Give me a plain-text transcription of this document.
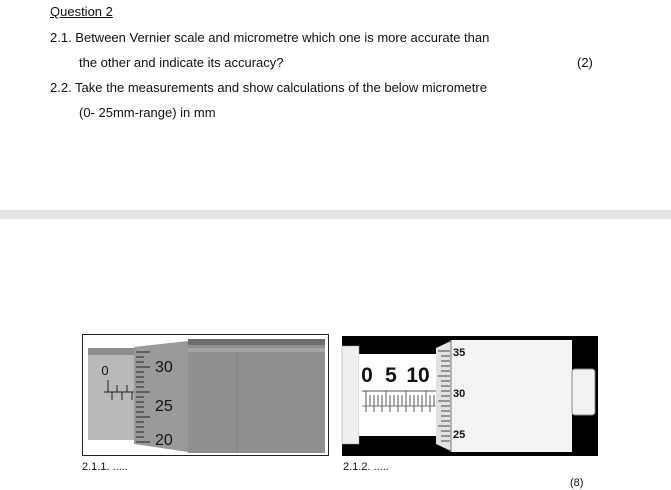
Question 2
2.1. Between Vernier scale and micrometre which one is more accurate than
the other and indicate its accuracy?	(2)
2.2. Take the measurements and show calculations of the below micrometre
(0- 25mm-range) in mm
0	30
25
20
0 5 10
35
30
25
2.1.1. .....	2.1.2. .....
(8)
